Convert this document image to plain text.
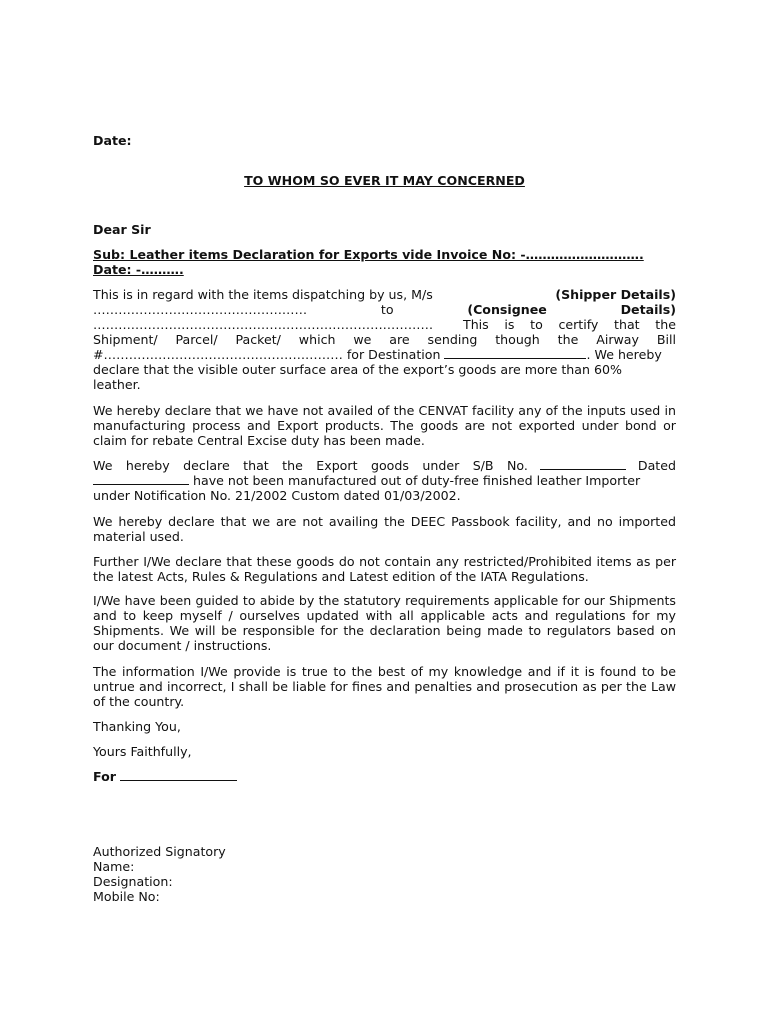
Date:
TO WHOM SO EVER IT MAY CONCERNED
Dear Sir
Sub: Leather items Declaration for Exports vide Invoice No: -……………………….
Date: -……….
This is in regard with the items dispatching by us, M/s	(Shipper Details)
……………………………………………	to	(Consignee	Details)
……………………………………………………………………… This is to certify that the
Shipment/ Parcel/ Packet/ which we are sending though the Airway Bill
#………………………………………………… for Destination	. We hereby
declare that the visible outer surface area of the export’s goods are more than 60%
leather.
We hereby declare that we have not availed of the CENVAT facility any of the inputs used in manufacturing process and Export products. The goods are not exported under bond or claim for rebate Central Excise duty has been made.
We hereby declare that the Export goods under S/B No.	Dated
have not been manufactured out of duty-free finished leather Importer
under Notification No. 21/2002 Custom dated 01/03/2002.
We hereby declare that we are not availing the DEEC Passbook facility, and no imported material used.
Further I/We declare that these goods do not contain any restricted/Prohibited items as per the latest Acts, Rules & Regulations and Latest edition of the IATA Regulations.
I/We have been guided to abide by the statutory requirements applicable for our Shipments and to keep myself / ourselves updated with all applicable acts and regulations for my Shipments. We will be responsible for the declaration being made to regulators based on our document / instructions.
The information I/We provide is true to the best of my knowledge and if it is found to be untrue and incorrect, I shall be liable for fines and penalties and prosecution as per the Law of the country.
Thanking You,
Yours Faithfully,
For
Authorized Signatory
Name:
Designation:
Mobile No:
